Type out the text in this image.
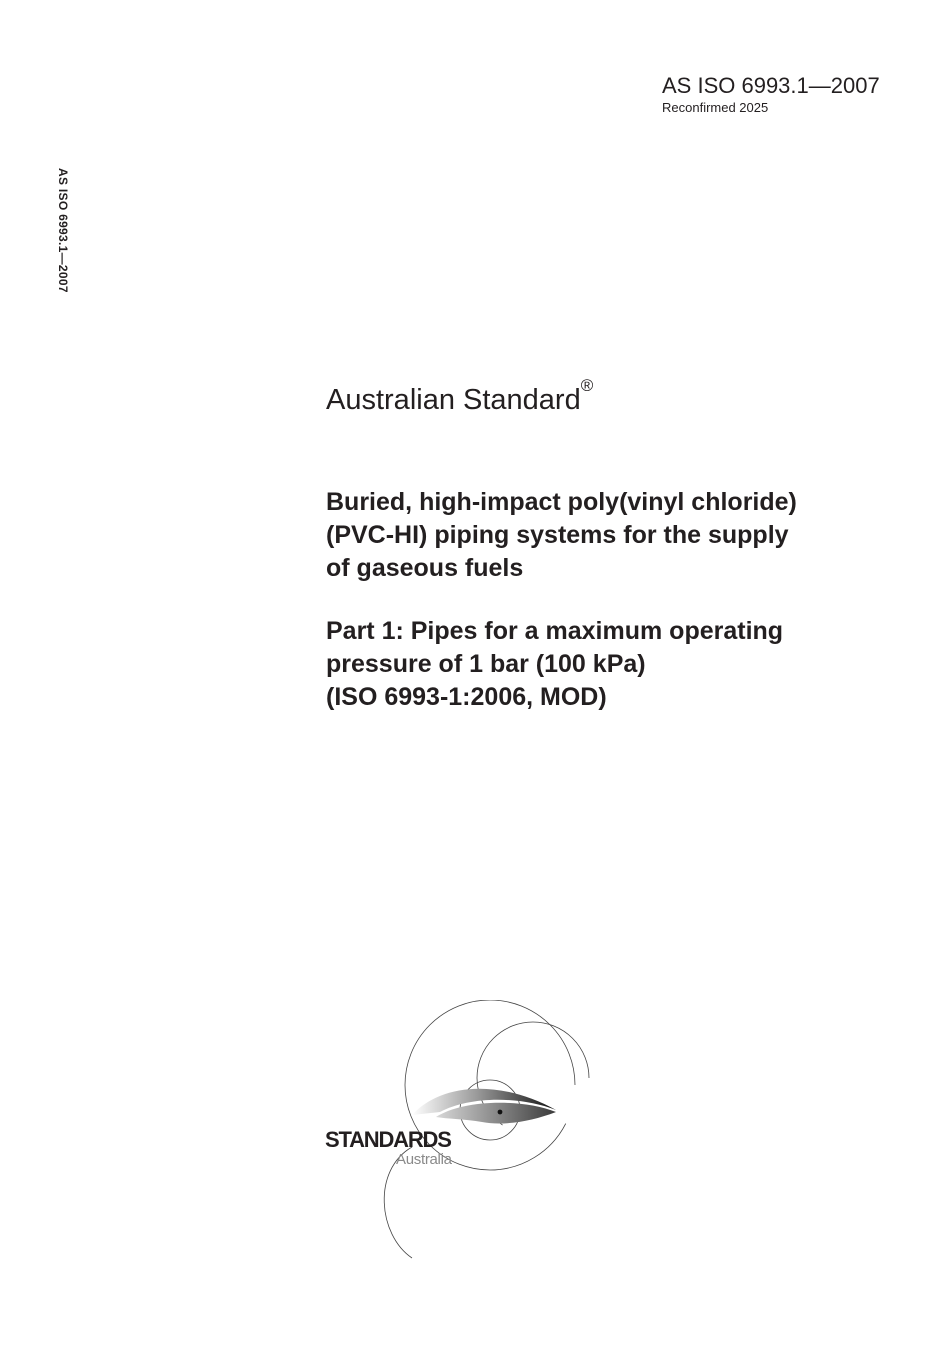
AS ISO 6993.1—2007
Reconfirmed 2025
AS ISO 6993.1—2007
Australian Standard®
Buried, high-impact poly(vinyl chloride)
(PVC-HI) piping systems for the supply
of gaseous fuels
Part 1: Pipes for a maximum operating
pressure of 1 bar (100 kPa)
(ISO 6993-1:2006, MOD)
STANDARDS
Australia
